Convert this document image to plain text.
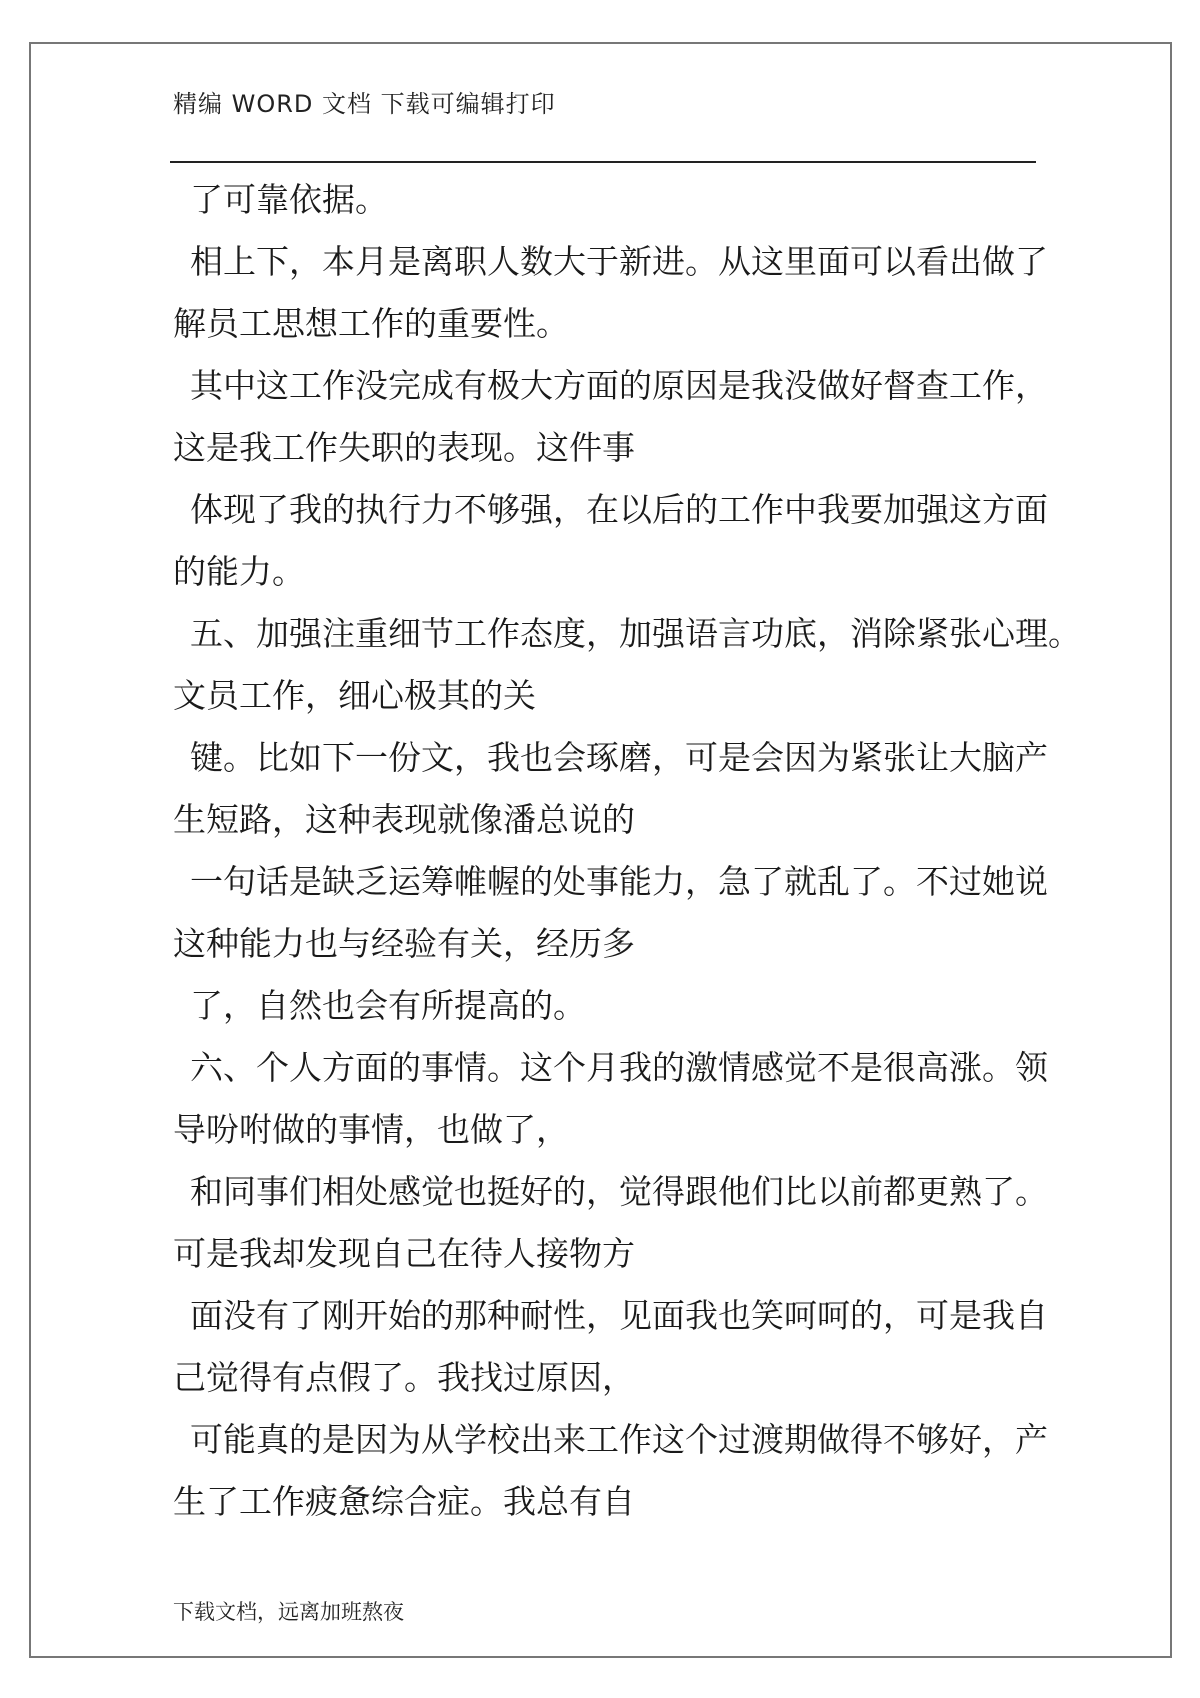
精编 WORD 文档 下载可编辑打印
了可靠依据。
相上下，本月是离职人数大于新进。从这里面可以看出做了
解员工思想工作的重要性。
其中这工作没完成有极大方面的原因是我没做好督查工作，
这是我工作失职的表现。这件事
体现了我的执行力不够强，在以后的工作中我要加强这方面
的能力。
五、加强注重细节工作态度，加强语言功底，消除紧张心理。
文员工作，细心极其的关
键。比如下一份文，我也会琢磨，可是会因为紧张让大脑产
生短路，这种表现就像潘总说的
一句话是缺乏运筹帷幄的处事能力，急了就乱了。不过她说
这种能力也与经验有关，经历多
了，自然也会有所提高的。
六、个人方面的事情。这个月我的激情感觉不是很高涨。领
导吩咐做的事情，也做了，
和同事们相处感觉也挺好的，觉得跟他们比以前都更熟了。
可是我却发现自己在待人接物方
面没有了刚开始的那种耐性，见面我也笑呵呵的，可是我自
己觉得有点假了。我找过原因，
可能真的是因为从学校出来工作这个过渡期做得不够好，产
生了工作疲惫综合症。我总有自
下载文档，远离加班熬夜
